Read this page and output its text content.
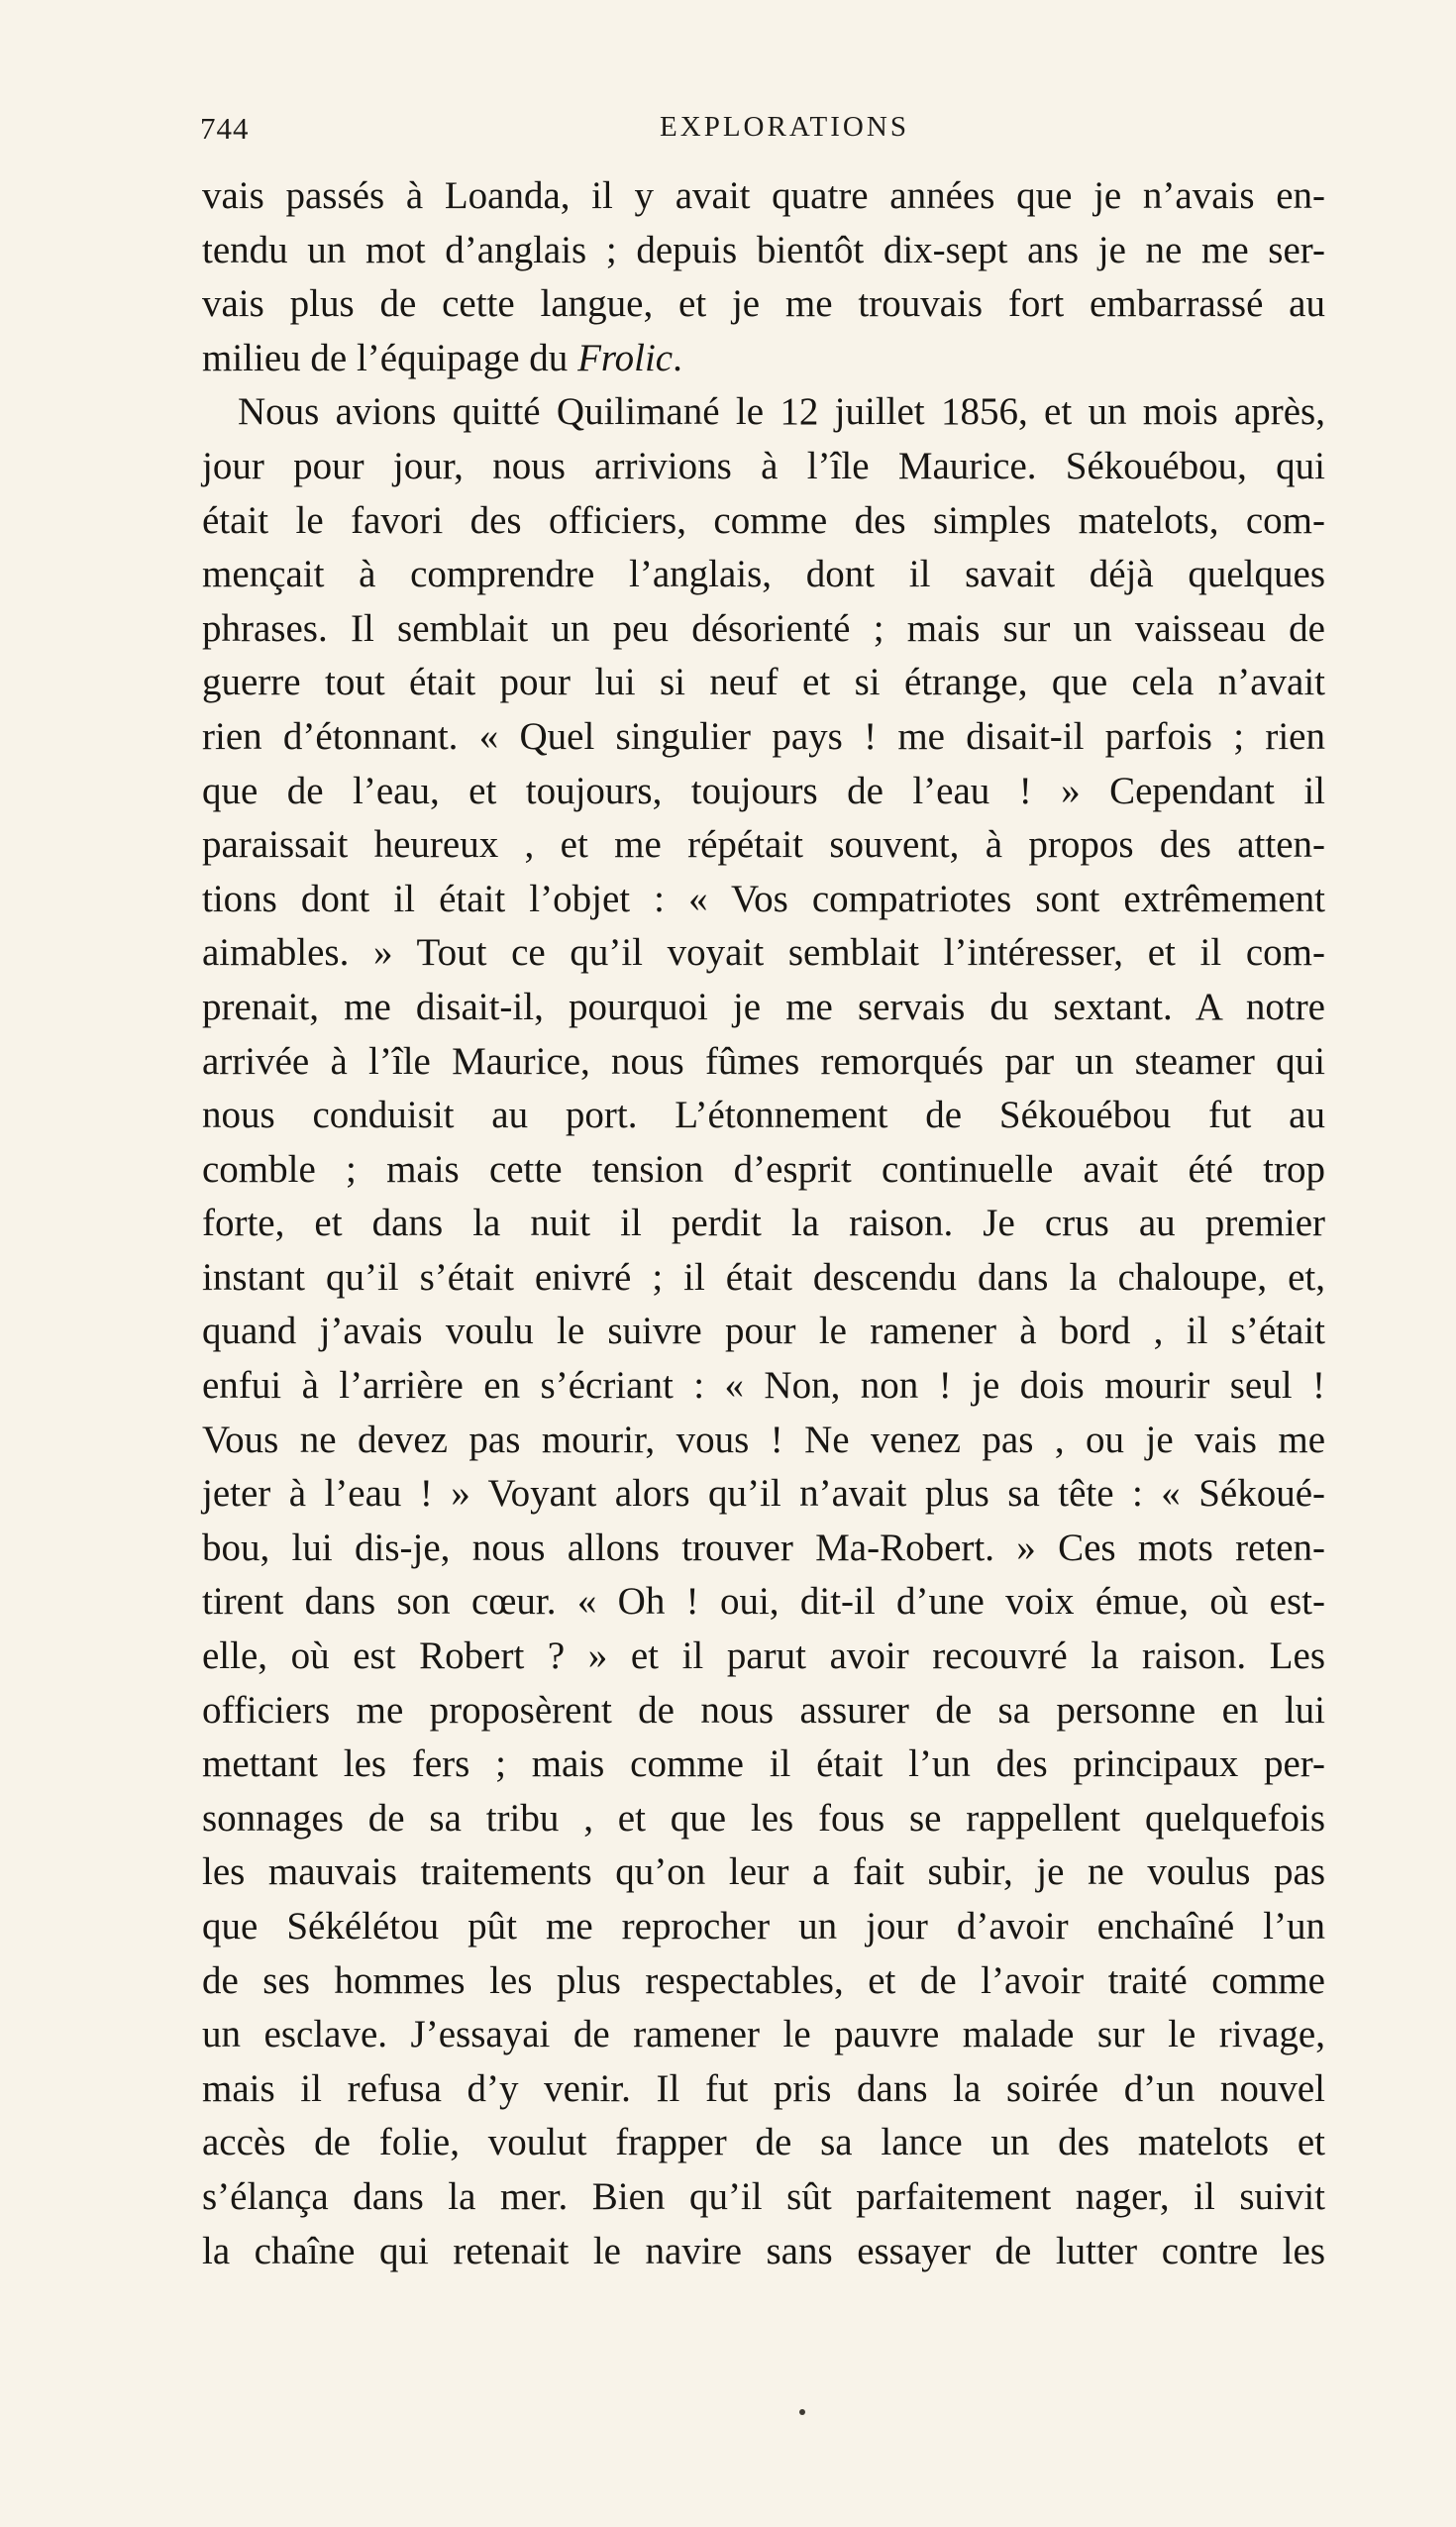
744	EXPLORATIONS
vais passés à Loanda, il y avait quatre années que je n’avais en-
tendu un mot d’anglais ; depuis bientôt dix-sept ans je ne me ser-
vais plus de cette langue, et je me trouvais fort embarrassé au
milieu de l’équipage du Frolic.
Nous avions quitté Quilimané le 12 juillet 1856, et un mois après,
jour pour jour, nous arrivions à l’île Maurice. Sékouébou, qui
était le favori des officiers, comme des simples matelots, com-
mençait à comprendre l’anglais, dont il savait déjà quelques
phrases. Il semblait un peu désorienté ; mais sur un vaisseau de
guerre tout était pour lui si neuf et si étrange, que cela n’avait
rien d’étonnant. « Quel singulier pays ! me disait-il parfois ; rien
que de l’eau, et toujours, toujours de l’eau ! » Cependant il
paraissait heureux , et me répétait souvent, à propos des atten-
tions dont il était l’objet : « Vos compatriotes sont extrêmement
aimables. » Tout ce qu’il voyait semblait l’intéresser, et il com-
prenait, me disait-il, pourquoi je me servais du sextant. A notre
arrivée à l’île Maurice, nous fûmes remorqués par un steamer qui
nous conduisit au port. L’étonnement de Sékouébou fut au
comble ; mais cette tension d’esprit continuelle avait été trop
forte, et dans la nuit il perdit la raison. Je crus au premier
instant qu’il s’était enivré ; il était descendu dans la chaloupe, et,
quand j’avais voulu le suivre pour le ramener à bord , il s’était
enfui à l’arrière en s’écriant : « Non, non ! je dois mourir seul !
Vous ne devez pas mourir, vous ! Ne venez pas , ou je vais me
jeter à l’eau ! » Voyant alors qu’il n’avait plus sa tête : « Sékoué-
bou, lui dis-je, nous allons trouver Ma-Robert. » Ces mots reten-
tirent dans son cœur. « Oh ! oui, dit-il d’une voix émue, où est-
elle, où est Robert ? » et il parut avoir recouvré la raison. Les
officiers me proposèrent de nous assurer de sa personne en lui
mettant les fers ; mais comme il était l’un des principaux per-
sonnages de sa tribu , et que les fous se rappellent quelquefois
les mauvais traitements qu’on leur a fait subir, je ne voulus pas
que Sékélétou pût me reprocher un jour d’avoir enchaîné l’un
de ses hommes les plus respectables, et de l’avoir traité comme
un esclave. J’essayai de ramener le pauvre malade sur le rivage,
mais il refusa d’y venir. Il fut pris dans la soirée d’un nouvel
accès de folie, voulut frapper de sa lance un des matelots et
s’élança dans la mer. Bien qu’il sût parfaitement nager, il suivit
la chaîne qui retenait le navire sans essayer de lutter contre les
